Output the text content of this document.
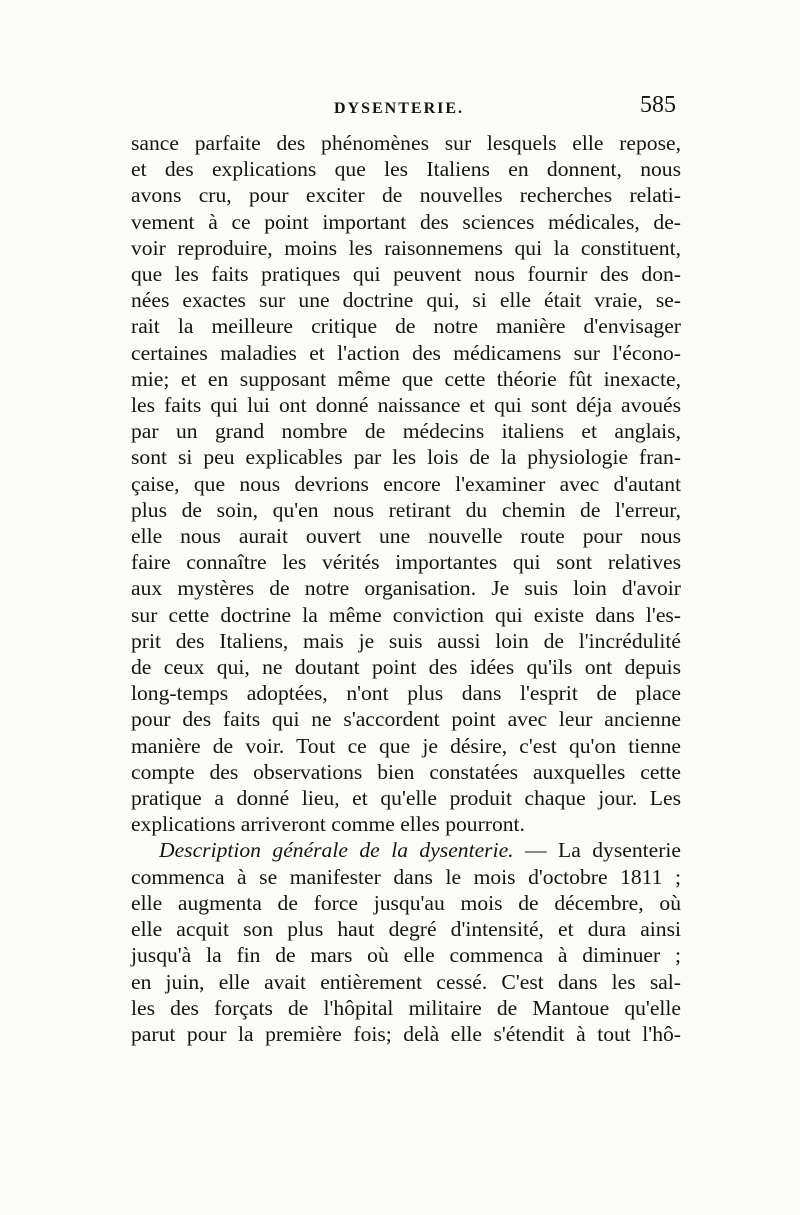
DYSENTERIE.	585
sance parfaite des phénomènes sur lesquels elle repose,
et des explications que les Italiens en donnent, nous
avons cru, pour exciter de nouvelles recherches relati-
vement à ce point important des sciences médicales, de-
voir reproduire, moins les raisonnemens qui la constituent,
que les faits pratiques qui peuvent nous fournir des don-
nées exactes sur une doctrine qui, si elle était vraie, se-
rait la meilleure critique de notre manière d'envisager
certaines maladies et l'action des médicamens sur l'écono-
mie; et en supposant même que cette théorie fût inexacte,
les faits qui lui ont donné naissance et qui sont déja avoués
par un grand nombre de médecins italiens et anglais,
sont si peu explicables par les lois de la physiologie fran-
çaise, que nous devrions encore l'examiner avec d'autant
plus de soin, qu'en nous retirant du chemin de l'erreur,
elle nous aurait ouvert une nouvelle route pour nous
faire connaître les vérités importantes qui sont relatives
aux mystères de notre organisation. Je suis loin d'avoir
sur cette doctrine la même conviction qui existe dans l'es-
prit des Italiens, mais je suis aussi loin de l'incrédulité
de ceux qui, ne doutant point des idées qu'ils ont depuis
long-temps adoptées, n'ont plus dans l'esprit de place
pour des faits qui ne s'accordent point avec leur ancienne
manière de voir. Tout ce que je désire, c'est qu'on tienne
compte des observations bien constatées auxquelles cette
pratique a donné lieu, et qu'elle produit chaque jour. Les
explications arriveront comme elles pourront.
Description générale de la dysenterie. — La dysenterie
commenca à se manifester dans le mois d'octobre 1811 ;
elle augmenta de force jusqu'au mois de décembre, où
elle acquit son plus haut degré d'intensité, et dura ainsi
jusqu'à la fin de mars où elle commenca à diminuer ;
en juin, elle avait entièrement cessé. C'est dans les sal-
les des forçats de l'hôpital militaire de Mantoue qu'elle
parut pour la première fois; delà elle s'étendit à tout l'hô-
